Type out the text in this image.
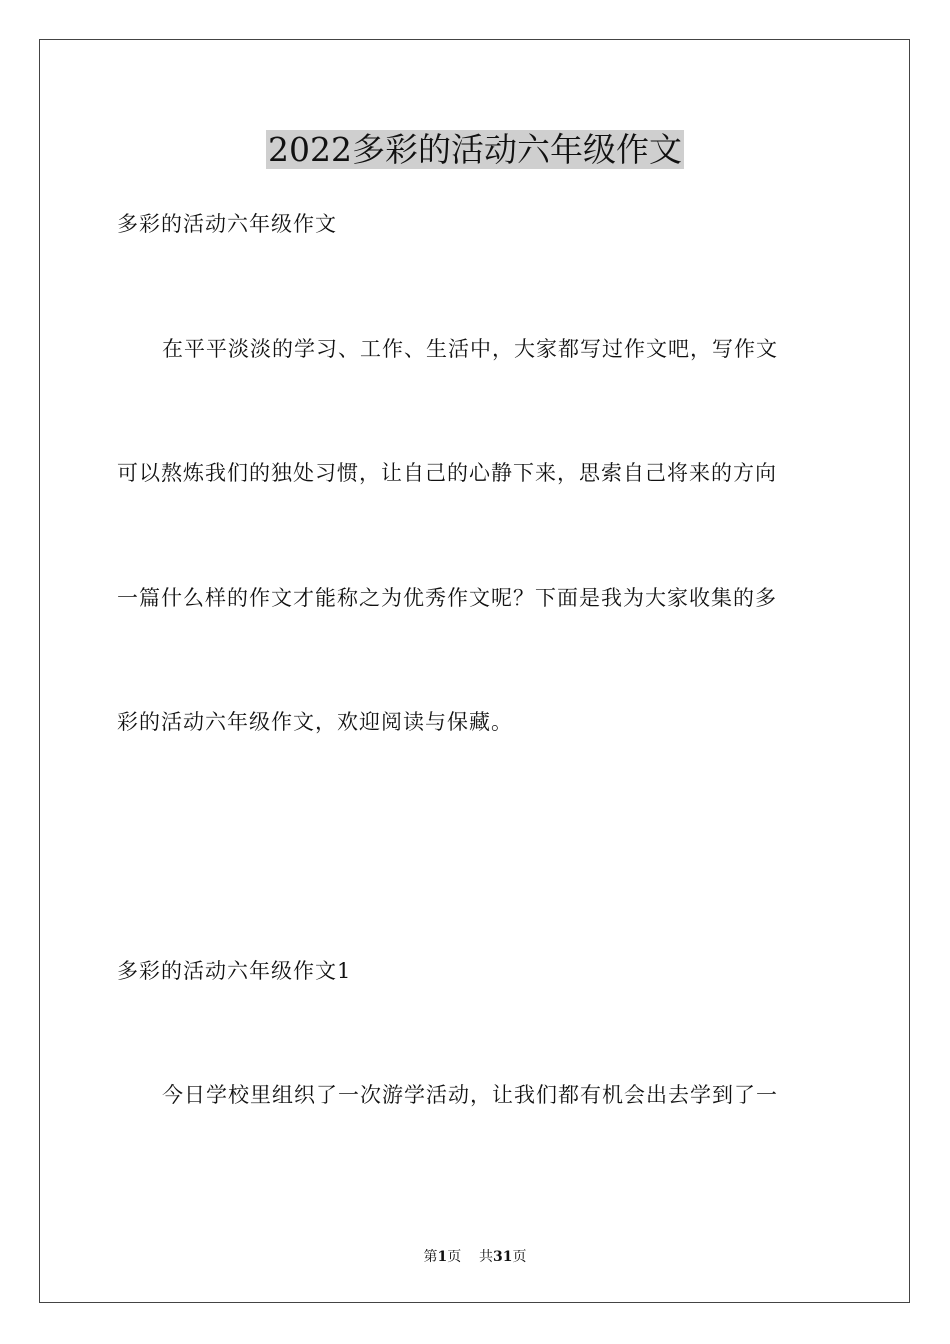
2022多彩的活动六年级作文
多彩的活动六年级作文
在平平淡淡的学习、工作、生活中，大家都写过作文吧，写作文
可以熬炼我们的独处习惯，让自己的心静下来，思索自己将来的方向
一篇什么样的作文才能称之为优秀作文呢？下面是我为大家收集的多
彩的活动六年级作文，欢迎阅读与保藏。
多彩的活动六年级作文1
今日学校里组织了一次游学活动，让我们都有机会出去学到了一
第1页 共31页
